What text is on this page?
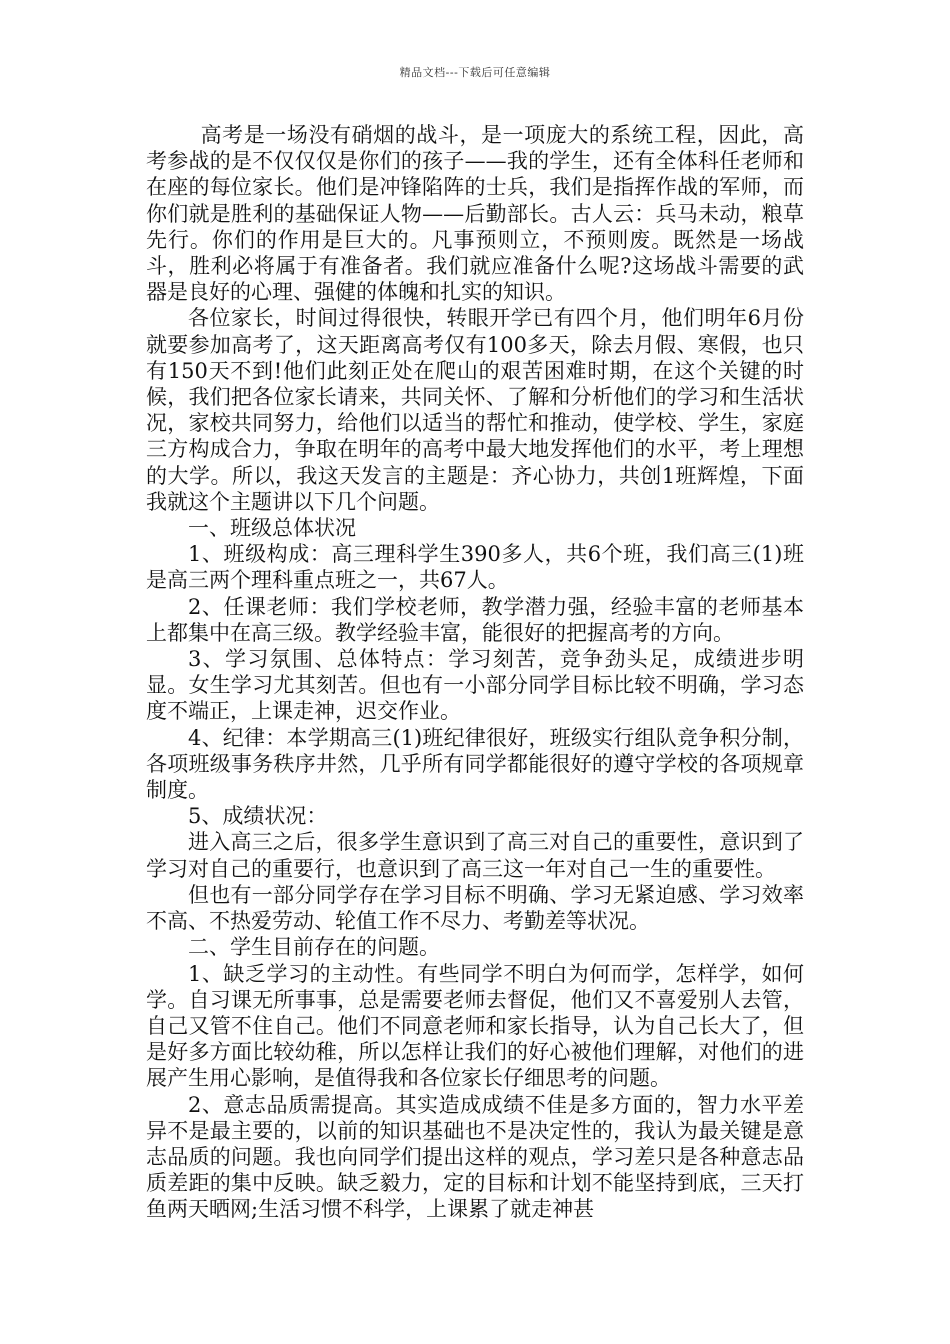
精品文档---下载后可任意编辑

高考是一场没有硝烟的战斗，是一项庞大的系统工程，因此，高考参战的是不仅仅仅是你们的孩子——我的学生，还有全体科任老师和在座的每位家长。他们是冲锋陷阵的士兵，我们是指挥作战的军师，而你们就是胜利的基础保证人物——后勤部长。古人云：兵马未动，粮草先行。你们的作用是巨大的。凡事预则立，不预则废。既然是一场战斗，胜利必将属于有准备者。我们就应准备什么呢?这场战斗需要的武器是良好的心理、强健的体魄和扎实的知识。

各位家长，时间过得很快，转眼开学已有四个月，他们明年6月份就要参加高考了，这天距离高考仅有100多天，除去月假、寒假，也只有150天不到!他们此刻正处在爬山的艰苦困难时期，在这个关键的时候，我们把各位家长请来，共同关怀、了解和分析他们的学习和生活状况，家校共同努力，给他们以适当的帮忙和推动，使学校、学生，家庭三方构成合力，争取在明年的高考中最大地发挥他们的水平，考上理想的大学。所以，我这天发言的主题是：齐心协力，共创1班辉煌，下面我就这个主题讲以下几个问题。

一、班级总体状况

1、班级构成：高三理科学生390多人，共6个班，我们高三(1)班是高三两个理科重点班之一，共67人。

2、任课老师：我们学校老师，教学潜力强，经验丰富的老师基本上都集中在高三级。教学经验丰富，能很好的把握高考的方向。

3、学习氛围、总体特点：学习刻苦，竞争劲头足，成绩进步明显。女生学习尤其刻苦。但也有一小部分同学目标比较不明确，学习态度不端正，上课走神，迟交作业。

4、纪律：本学期高三(1)班纪律很好，班级实行组队竞争积分制，各项班级事务秩序井然，几乎所有同学都能很好的遵守学校的各项规章制度。

5、成绩状况：

进入高三之后，很多学生意识到了高三对自己的重要性，意识到了学习对自己的重要行，也意识到了高三这一年对自己一生的重要性。

但也有一部分同学存在学习目标不明确、学习无紧迫感、学习效率不高、不热爱劳动、轮值工作不尽力、考勤差等状况。

二、学生目前存在的问题。

1、缺乏学习的主动性。有些同学不明白为何而学，怎样学，如何学。自习课无所事事，总是需要老师去督促，他们又不喜爱别人去管，自己又管不住自己。他们不同意老师和家长指导，认为自己长大了，但是好多方面比较幼稚，所以怎样让我们的好心被他们理解，对他们的进展产生用心影响，是值得我和各位家长仔细思考的问题。

2、意志品质需提高。其实造成成绩不佳是多方面的，智力水平差异不是最主要的，以前的知识基础也不是决定性的，我认为最关键是意志品质的问题。我也向同学们提出这样的观点，学习差只是各种意志品质差距的集中反映。缺乏毅力，定的目标和计划不能坚持到底，三天打鱼两天晒网;生活习惯不科学，上课累了就走神甚
